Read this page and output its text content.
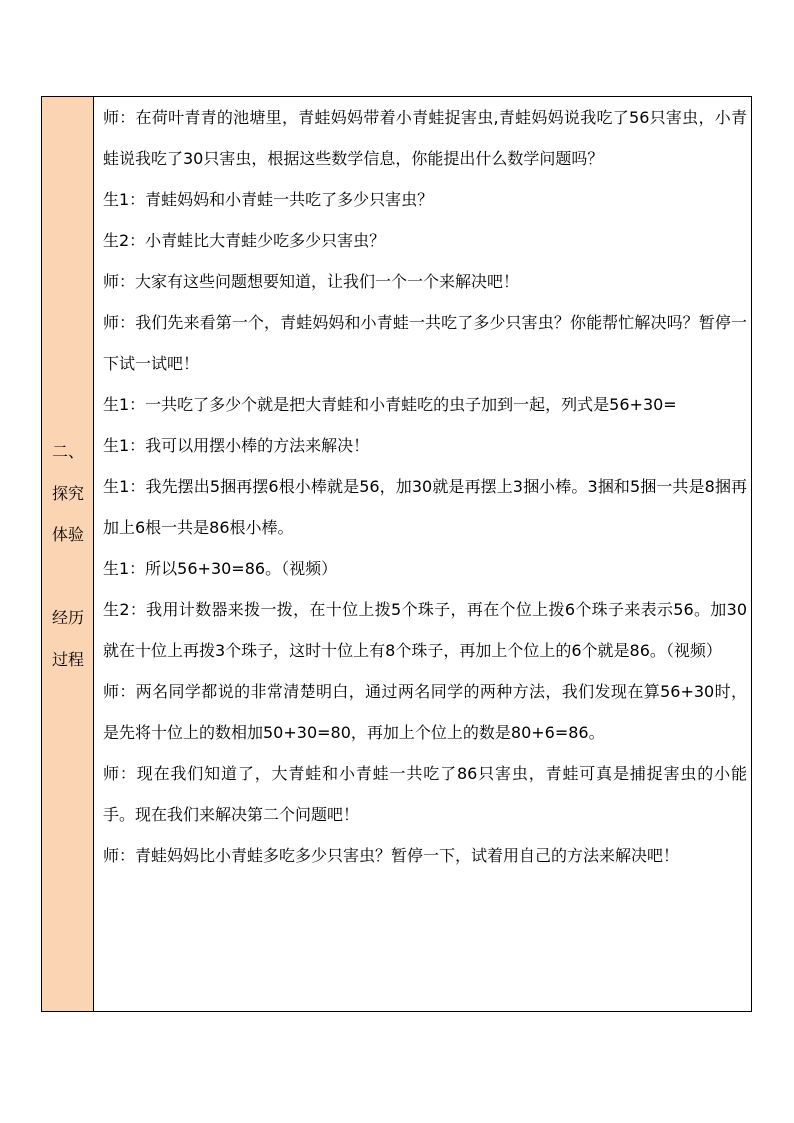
二、
探究
体验
经历
过程

师：在荷叶青青的池塘里，青蛙妈妈带着小青蛙捉害虫,青蛙妈妈说我吃了56只害虫，小青蛙说我吃了30只害虫，根据这些数学信息，你能提出什么数学问题吗？

生1：青蛙妈妈和小青蛙一共吃了多少只害虫？

生2：小青蛙比大青蛙少吃多少只害虫？

师：大家有这些问题想要知道，让我们一个一个来解决吧！

师：我们先来看第一个，青蛙妈妈和小青蛙一共吃了多少只害虫？你能帮忙解决吗？暂停一下试一试吧！

生1：一共吃了多少个就是把大青蛙和小青蛙吃的虫子加到一起，列式是56+30=

生1：我可以用摆小棒的方法来解决！

生1：我先摆出5捆再摆6根小棒就是56，加30就是再摆上3捆小棒。3捆和5捆一共是8捆再加上6根一共是86根小棒。

生1：所以56+30=86。（视频）

生2：我用计数器来拨一拨，在十位上拨5个珠子，再在个位上拨6个珠子来表示56。加30就在十位上再拨3个珠子，这时十位上有8个珠子，再加上个位上的6个就是86。（视频）

师：两名同学都说的非常清楚明白，通过两名同学的两种方法，我们发现在算56+30时，是先将十位上的数相加50+30=80，再加上个位上的数是80+6=86。

师：现在我们知道了，大青蛙和小青蛙一共吃了86只害虫，青蛙可真是捕捉害虫的小能手。现在我们来解决第二个问题吧！

师：青蛙妈妈比小青蛙多吃多少只害虫？暂停一下，试着用自己的方法来解决吧！
